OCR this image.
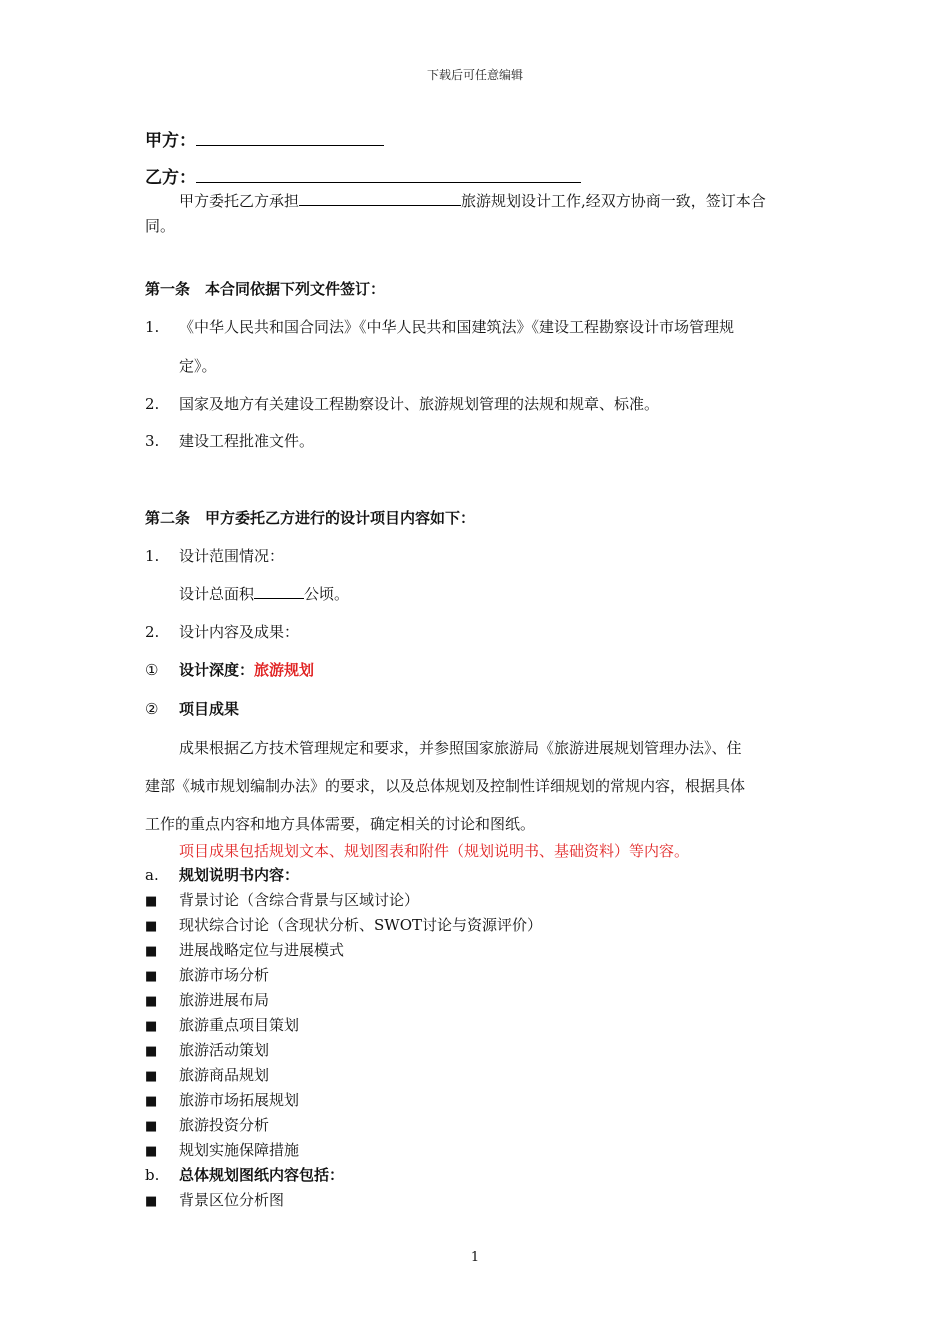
下载后可任意编辑
甲方：
乙方：
甲方委托乙方承担	旅游规划设计工作,经双方协商一致，签订本合
同。
第一条　本合同依据下列文件签订：
1. 《中华人民共和国合同法》《中华人民共和国建筑法》《建设工程勘察设计市场管理规
定》。
2. 国家及地方有关建设工程勘察设计、旅游规划管理的法规和规章、标准。
3. 建设工程批准文件。
第二条　甲方委托乙方进行的设计项目内容如下：
1. 设计范围情况：
设计总面积	公顷。
2. 设计内容及成果：
① 设计深度：旅游规划
② 项目成果
成果根据乙方技术管理规定和要求，并参照国家旅游局《旅游进展规划管理办法》、住
建部《城市规划编制办法》的要求，以及总体规划及控制性详细规划的常规内容，根据具体
工作的重点内容和地方具体需要，确定相关的讨论和图纸。
项目成果包括规划文本、规划图表和附件（规划说明书、基础资料）等内容。
a. 规划说明书内容：
■ 背景讨论（含综合背景与区域讨论）
■ 现状综合讨论（含现状分析、SWOT讨论与资源评价）
■ 进展战略定位与进展模式
■ 旅游市场分析
■ 旅游进展布局
■ 旅游重点项目策划
■ 旅游活动策划
■ 旅游商品规划
■ 旅游市场拓展规划
■ 旅游投资分析
■ 规划实施保障措施
b. 总体规划图纸内容包括：
■ 背景区位分析图
1
